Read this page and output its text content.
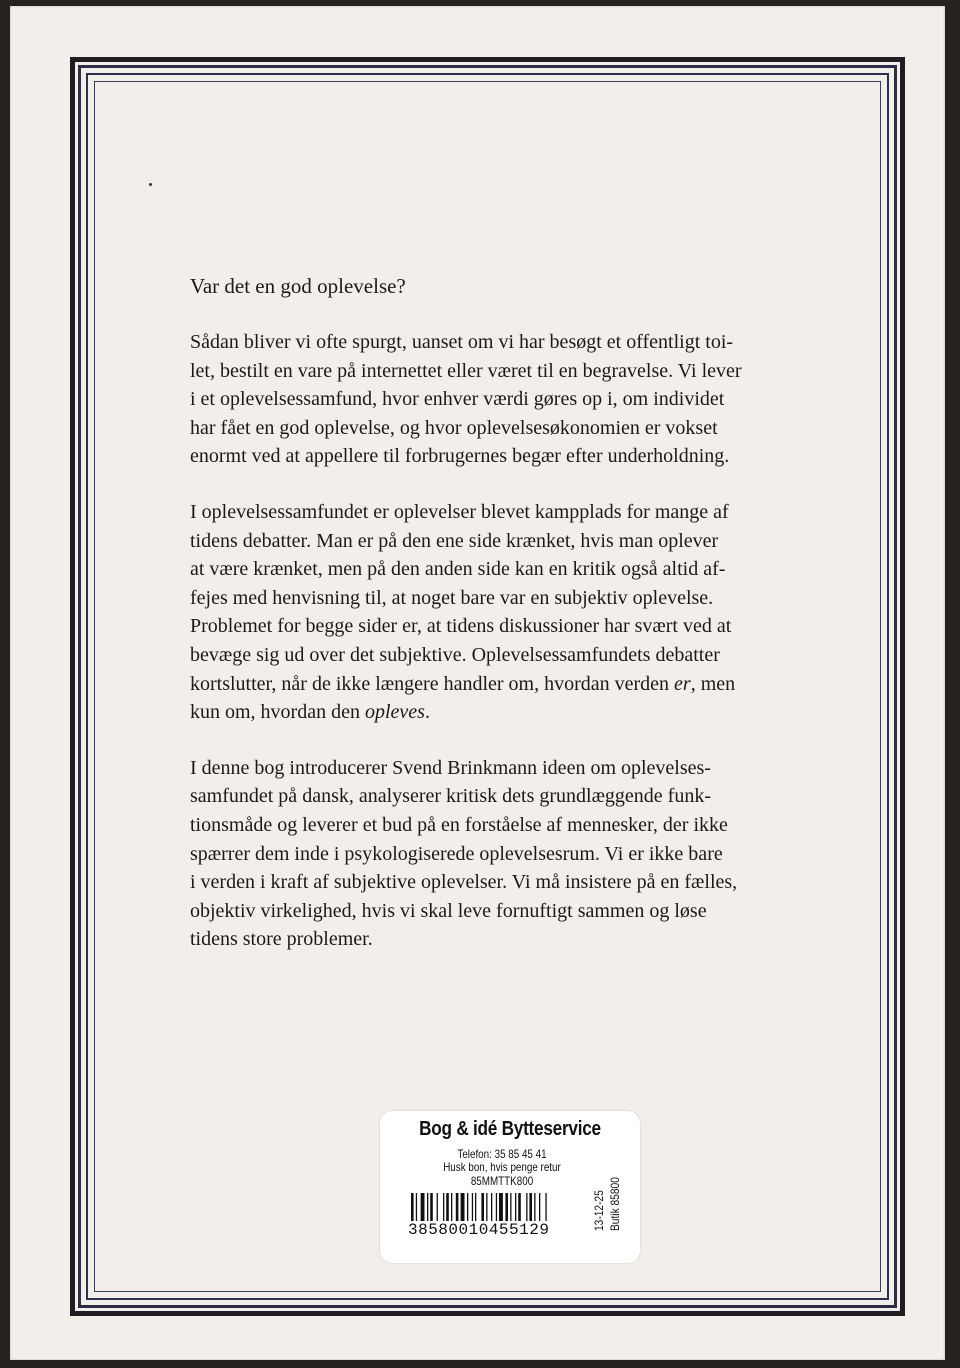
Var det en god oplevelse?

Sådan bliver vi ofte spurgt, uanset om vi har besøgt et offentligt toi-
let, bestilt en vare på internettet eller været til en begravelse. Vi lever
i et oplevelsessamfund, hvor enhver værdi gøres op i, om individet
har fået en god oplevelse, og hvor oplevelsesøkonomien er vokset
enormt ved at appellere til forbrugernes begær efter underholdning.

I oplevelsessamfundet er oplevelser blevet kampplads for mange af
tidens debatter. Man er på den ene side krænket, hvis man oplever
at være krænket, men på den anden side kan en kritik også altid af-
fejes med henvisning til, at noget bare var en subjektiv oplevelse.
Problemet for begge sider er, at tidens diskussioner har svært ved at
bevæge sig ud over det subjektive. Oplevelsessamfundets debatter
kortslutter, når de ikke længere handler om, hvordan verden er, men
kun om, hvordan den opleves.

I denne bog introducerer Svend Brinkmann ideen om oplevelses-
samfundet på dansk, analyserer kritisk dets grundlæggende funk-
tionsmåde og leverer et bud på en forståelse af mennesker, der ikke
spærrer dem inde i psykologiserede oplevelsesrum. Vi er ikke bare
i verden i kraft af subjektive oplevelser. Vi må insistere på en fælles,
objektiv virkelighed, hvis vi skal leve fornuftigt sammen og løse
tidens store problemer.

Bog & idé Bytteservice
Telefon: 35 85 45 41
Husk bon, hvis penge retur
85MMTTK800
38580010455129	13-12-25 Butik 85800
